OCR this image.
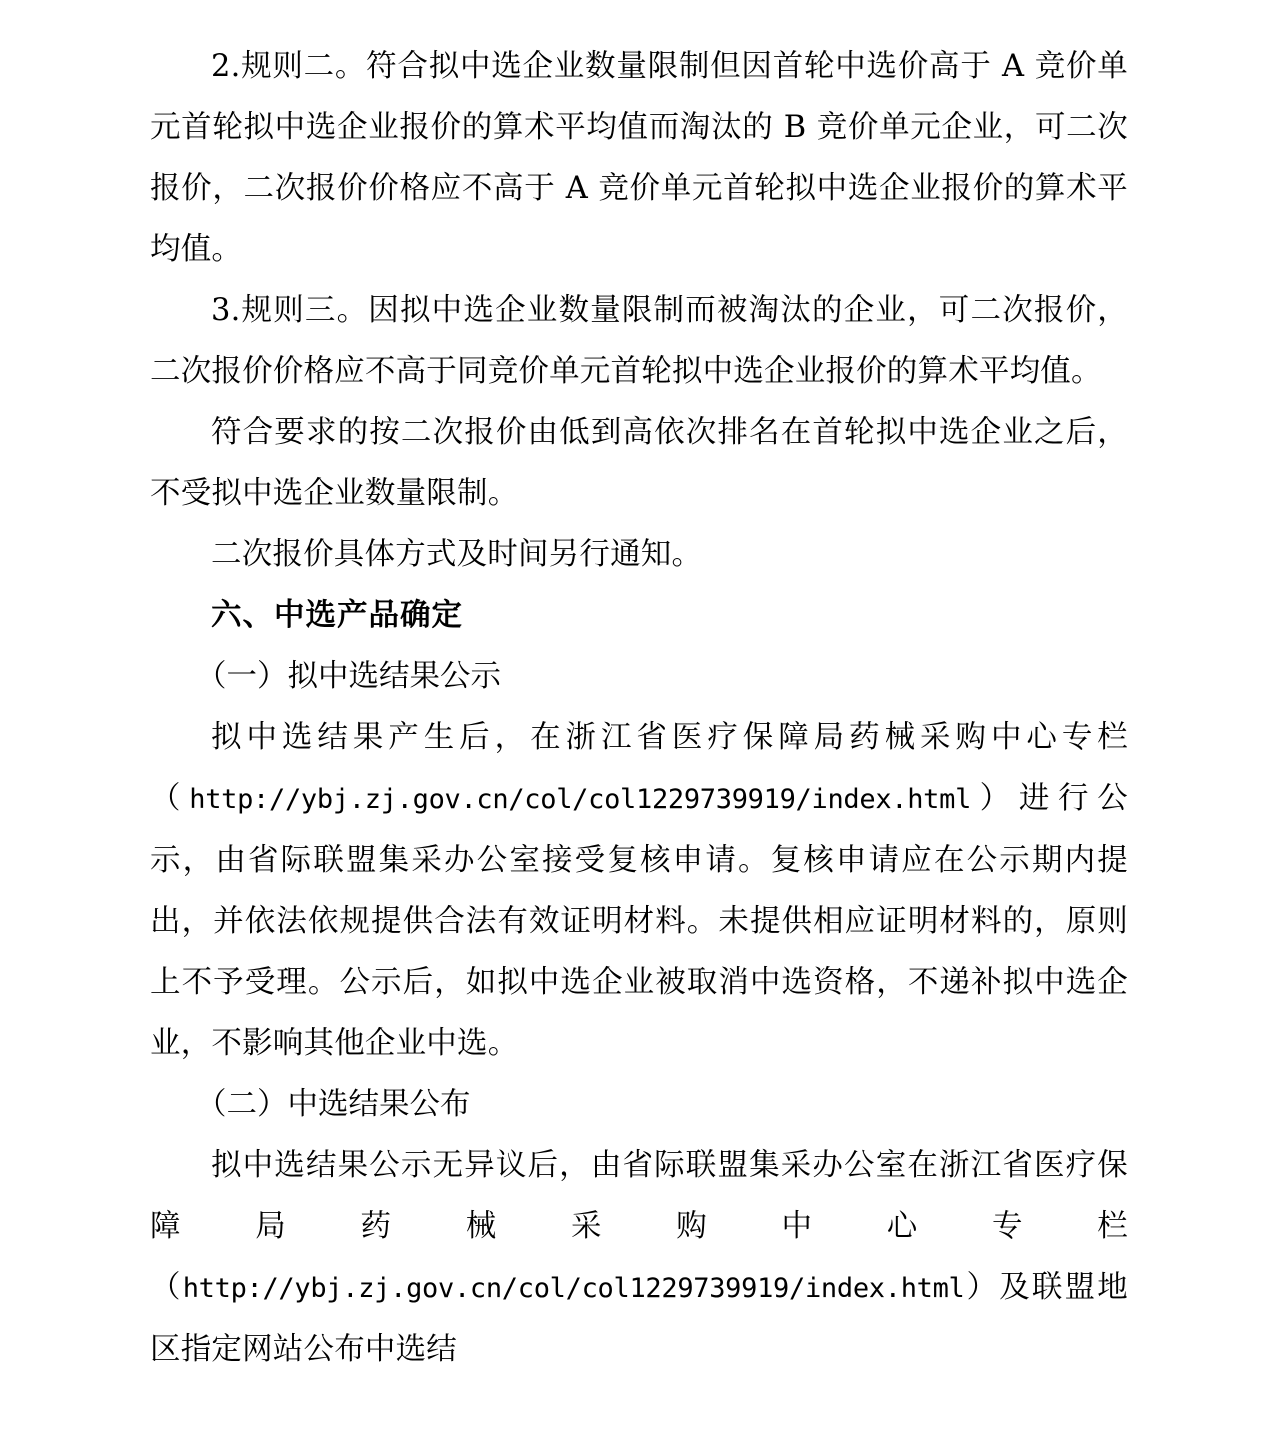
2.规则二。符合拟中选企业数量限制但因首轮中选价高于 A 竞价单元首轮拟中选企业报价的算术平均值而淘汰的 B 竞价单元企业，可二次报价，二次报价价格应不高于 A 竞价单元首轮拟中选企业报价的算术平均值。

3.规则三。因拟中选企业数量限制而被淘汰的企业，可二次报价，二次报价价格应不高于同竞价单元首轮拟中选企业报价的算术平均值。

符合要求的按二次报价由低到高依次排名在首轮拟中选企业之后，不受拟中选企业数量限制。

二次报价具体方式及时间另行通知。

六、中选产品确定

（一）拟中选结果公示

拟中选结果产生后，在浙江省医疗保障局药械采购中心专栏（http://ybj.zj.gov.cn/col/col1229739919/index.html）进行公示，由省际联盟集采办公室接受复核申请。复核申请应在公示期内提出，并依法依规提供合法有效证明材料。未提供相应证明材料的，原则上不予受理。公示后，如拟中选企业被取消中选资格，不递补拟中选企业，不影响其他企业中选。

（二）中选结果公布

拟中选结果公示无异议后，由省际联盟集采办公室在浙江省医疗保障局药械采购中心专栏（http://ybj.zj.gov.cn/col/col1229739919/index.html）及联盟地区指定网站公布中选结
